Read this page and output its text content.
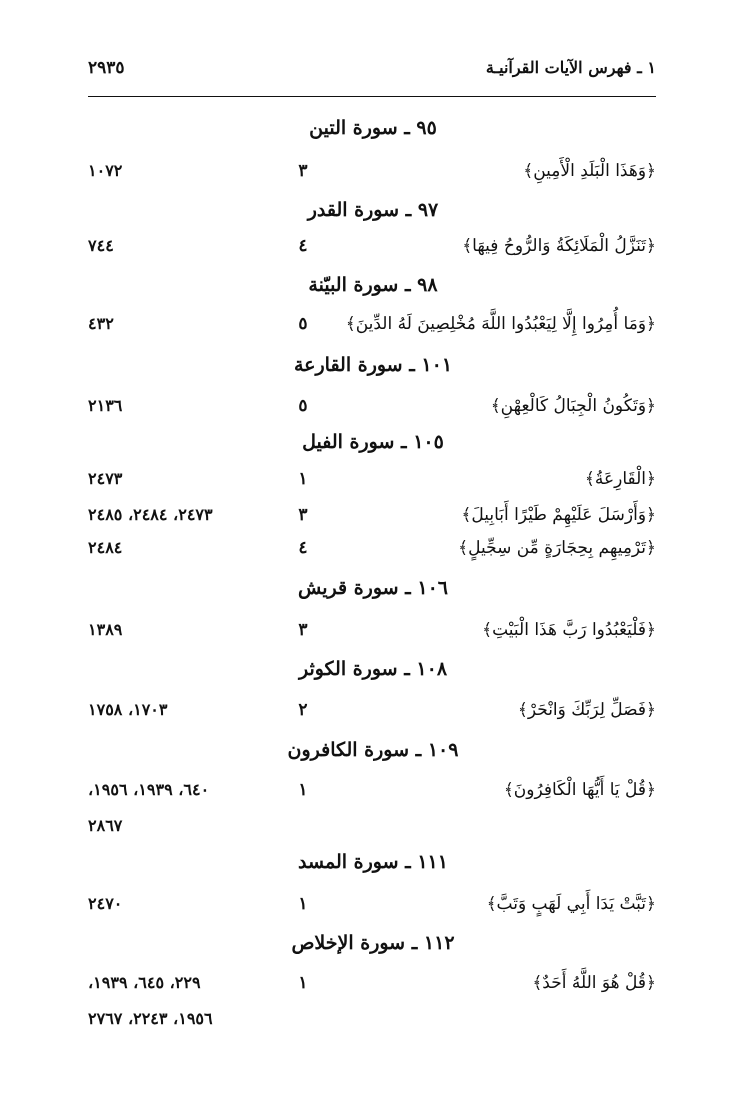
١ ـ فهرس الآيات القرآنيـة
٢٩٣٥
٩٥ ـ سورة التين
﴿وَهَذَا الْبَلَدِ الْأَمِينِ﴾
٣
١٠٧٢
٩٧ ـ سورة القدر
﴿تَنَزَّلُ الْمَلَائِكَةُ وَالرُّوحُ فِيهَا﴾
٤
٧٤٤
٩٨ ـ سورة البيّنة
﴿وَمَا أُمِرُوا إِلَّا لِيَعْبُدُوا اللَّهَ مُخْلِصِينَ لَهُ الدِّينَ﴾
٥
٤٣٢
١٠١ ـ سورة القارعة
﴿وَتَكُونُ الْجِبَالُ كَالْعِهْنِ﴾
٥
٢١٣٦
١٠٥ ـ سورة الفيل
﴿الْقَارِعَةُ﴾
١
٢٤٧٣
﴿وَأَرْسَلَ عَلَيْهِمْ طَيْرًا أَبَابِيلَ﴾
٣
٢٤٧٣، ٢٤٨٤، ٢٤٨٥
﴿تَرْمِيهِم بِحِجَارَةٍ مِّن سِجِّيلٍ﴾
٤
٢٤٨٤
١٠٦ ـ سورة قريش
﴿فَلْيَعْبُدُوا رَبَّ هَذَا الْبَيْتِ﴾
٣
١٣٨٩
١٠٨ ـ سورة الكوثر
﴿فَصَلِّ لِرَبِّكَ وَانْحَرْ﴾
٢
١٧٠٣، ١٧٥٨
١٠٩ ـ سورة الكافرون
﴿قُلْ يَا أَيُّهَا الْكَافِرُونَ﴾
١
٦٤٠، ١٩٣٩، ١٩٥٦،
٢٨٦٧
١١١ ـ سورة المسد
﴿تَبَّتْ يَدَا أَبِي لَهَبٍ وَتَبَّ﴾
١
٢٤٧٠
١١٢ ـ سورة الإخلاص
﴿قُلْ هُوَ اللَّهُ أَحَدٌ﴾
١
٢٢٩، ٦٤٥، ١٩٣٩،
١٩٥٦، ٢٢٤٣، ٢٧٦٧
